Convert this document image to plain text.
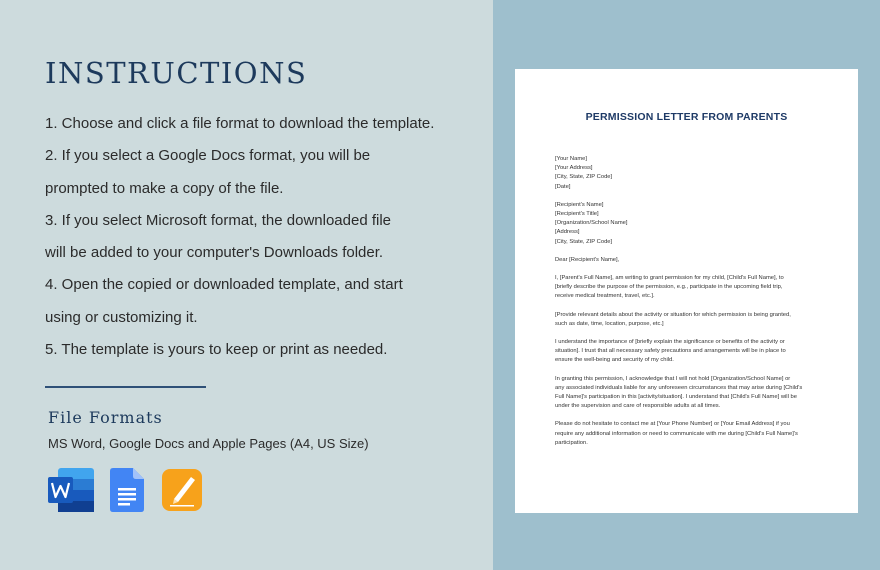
INSTRUCTIONS
1. Choose and click a file format to download the template.
2. If you select a Google Docs format, you will be
prompted to make a copy of the file.
3. If you select Microsoft format, the downloaded file
will be added to your computer's Downloads folder.
4. Open the copied or downloaded template, and start
using or customizing it.
5. The template is yours to keep or print as needed.
File Formats
MS Word, Google Docs and Apple Pages (A4, US Size)
PERMISSION LETTER FROM PARENTS
[Your Name]
[Your Address]
[City, State, ZIP Code]
[Date]
[Recipient's Name]
[Recipient's Title]
[Organization/School Name]
[Address]
[City, State, ZIP Code]
Dear [Recipient's Name],
I, [Parent's Full Name], am writing to grant permission for my child, [Child's Full Name], to
[briefly describe the purpose of the permission, e.g., participate in the upcoming field trip,
receive medical treatment, travel, etc.].
[Provide relevant details about the activity or situation for which permission is being granted,
such as date, time, location, purpose, etc.]
I understand the importance of [briefly explain the significance or benefits of the activity or
situation]. I trust that all necessary safety precautions and arrangements will be in place to
ensure the well-being and security of my child.
In granting this permission, I acknowledge that I will not hold [Organization/School Name] or
any associated individuals liable for any unforeseen circumstances that may arise during [Child's
Full Name]'s participation in this [activity/situation]. I understand that [Child's Full Name] will be
under the supervision and care of responsible adults at all times.
Please do not hesitate to contact me at [Your Phone Number] or [Your Email Address] if you
require any additional information or need to communicate with me during [Child's Full Name]'s
participation.
